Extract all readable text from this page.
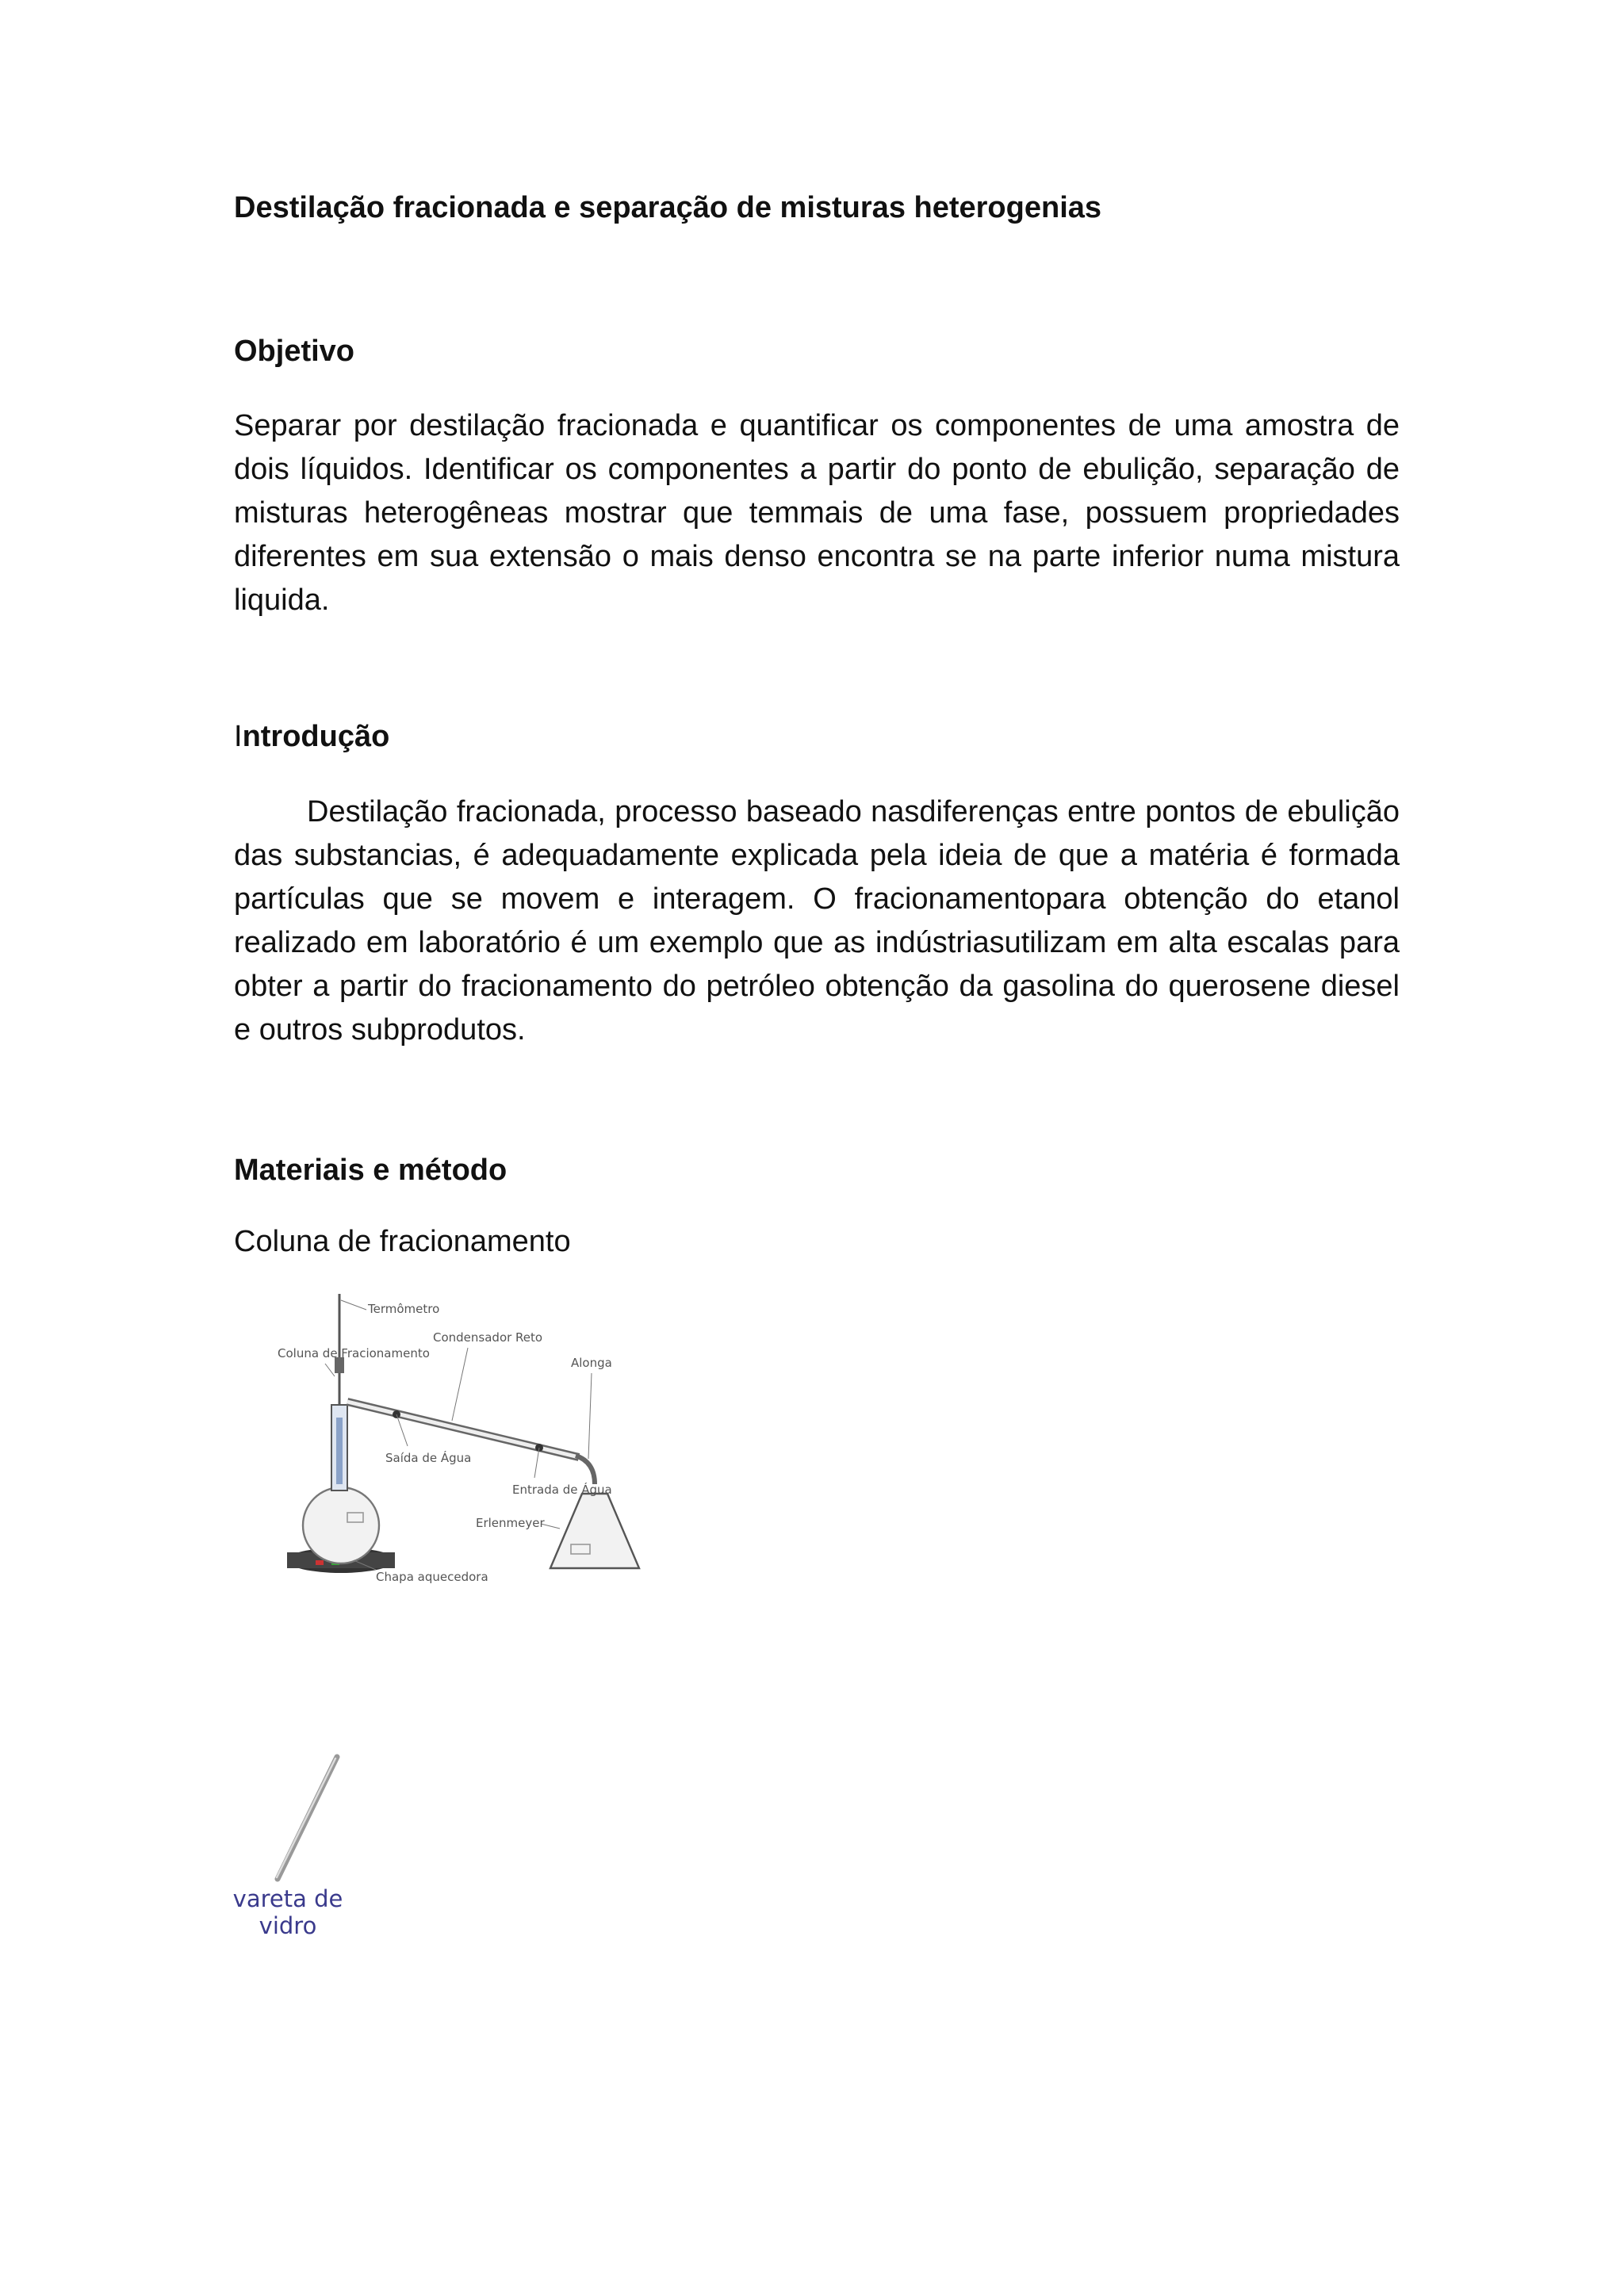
Destilação fracionada e separação de misturas heterogenias
Objetivo

Separar por destilação fracionada e quantificar os componentes de uma amostra de dois líquidos. Identificar os componentes a partir do ponto de ebulição, separação de misturas heterogêneas mostrar que temmais de uma fase, possuem propriedades diferentes em sua extensão o mais denso encontra se na parte inferior numa mistura liquida.

Introdução

Destilação fracionada, processo baseado nasdiferenças entre pontos de ebulição das substancias, é adequadamente explicada pela ideia de que a matéria é formada partículas que se movem e interagem. O fracionamentopara obtenção do etanol realizado em laboratório é um exemplo que as indústriasutilizam em alta escalas para obter a partir do fracionamento do petróleo obtenção da gasolina do querosene diesel e outros subprodutos.

Materiais e método
Coluna de fracionamento
Termômetro
Coluna de Fracionamento
Condensador Reto
Saída de Água
Entrada de Água
Alonga
Erlenmeyer
Chapa aquecedora
vareta de
vidro
